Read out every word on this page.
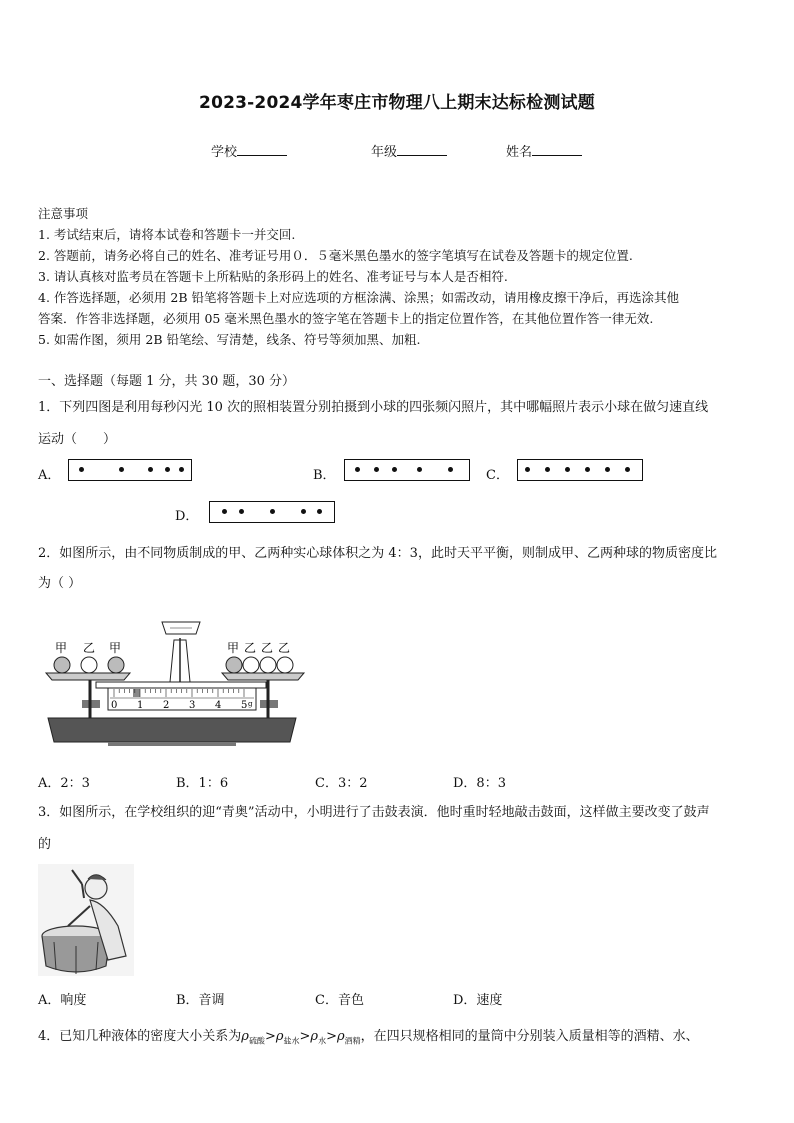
2023-2024学年枣庄市物理八上期末达标检测试题
学校	年级	姓名
注意事项
1. 考试结束后，请将本试卷和答题卡一并交回.
2. 答题前，请务必将自己的姓名、准考证号用０．５毫米黑色墨水的签字笔填写在试卷及答题卡的规定位置.
3. 请认真核对监考员在答题卡上所粘贴的条形码上的姓名、准考证号与本人是否相符.
4. 作答选择题，必须用 2B 铅笔将答题卡上对应选项的方框涂满、涂黑；如需改动，请用橡皮擦干净后，再选涂其他
答案．作答非选择题，必须用 05 毫米黑色墨水的签字笔在答题卡上的指定位置作答，在其他位置作答一律无效.
5. 如需作图，须用 2B 铅笔绘、写清楚，线条、符号等须加黑、加粗.
一、选择题（每题 1 分，共 30 题，30 分）
1．下列四图是利用每秒闪光 10 次的照相装置分别拍摄到小球的四张频闪照片，其中哪幅照片表示小球在做匀速直线
运动（　　）
A．	B．	C．
D．
2．如图所示，由不同物质制成的甲、乙两种实心球体积之为 4：3，此时天平平衡，则制成甲、乙两种球的物质密度比
为（ ）
甲 乙 甲	甲 乙 乙 乙
0 1 2 3 4 5 g
A．2：3	B．1：6	C．3：2	D．8：3
3．如图所示，在学校组织的迎“青奥”活动中，小明进行了击鼓表演．他时重时轻地敲击鼓面，这样做主要改变了鼓声
的
A．响度	B．音调	C．音色	D．速度
4．已知几种液体的密度大小关系为$\rho_{硫酸}>\rho_{盐水}>\rho_水>\rho_{酒精}$，在四只规格相同的量筒中分别装入质量相等的酒精、水、
